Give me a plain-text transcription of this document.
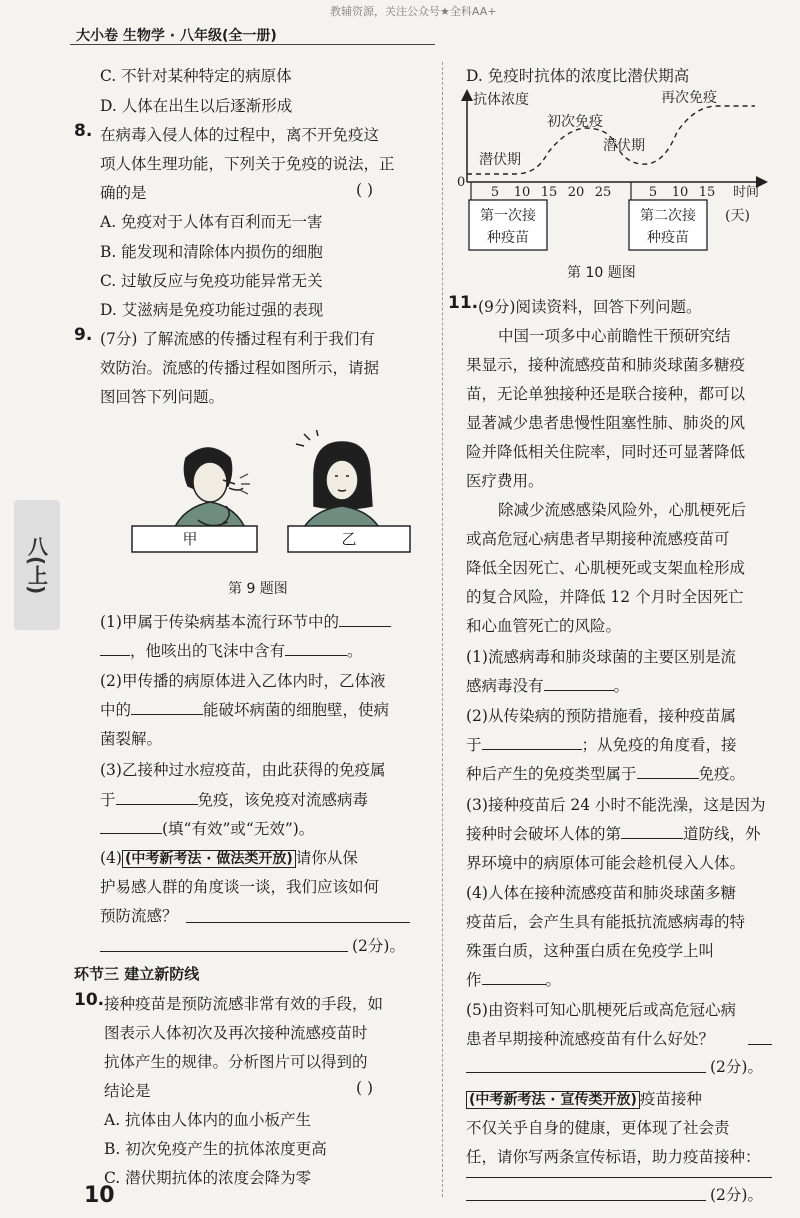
教辅资源，关注公众号★全科AA+
大小卷 生物学 · 八年级(全一册)
八(上)
C. 不针对某种特定的病原体
D. 人体在出生以后逐渐形成
8. 在病毒入侵人体的过程中，离不开免疫这
项人体生理功能，下列关于免疫的说法，正
确的是	( )
A. 免疫对于人体有百利而无一害
B. 能发现和清除体内损伤的细胞
C. 过敏反应与免疫功能异常无关
D. 艾滋病是免疫功能过强的表现
9. (7分) 了解流感的传播过程有利于我们有
效防治。流感的传播过程如图所示，请据
图回答下列问题。
甲	乙
第 9 题图
(1)甲属于传染病基本流行环节中的
，他咳出的飞沫中含有	。
(2)甲传播的病原体进入乙体内时，乙体液
中的	能破坏病菌的细胞壁，使病
菌裂解。
(3)乙接种过水痘疫苗，由此获得的免疫属
于	免疫，该免疫对流感病毒
(填“有效”或“无效”)。
(4) (中考新考法 · 做法类开放) 请你从保
护易感人群的角度谈一谈，我们应该如何
预防流感？
(2分)。
环节三 建立新防线
10. 接种疫苗是预防流感非常有效的手段，如
图表示人体初次及再次接种流感疫苗时
抗体产生的规律。分析图片可以得到的
结论是	( )
A. 抗体由人体内的血小板产生
B. 初次免疫产生的抗体浓度更高
C. 潜伏期抗体的浓度会降为零
10
D. 免疫时抗体的浓度比潜伏期高
抗体浓度
0
5 10 15 20 25	5 10 15 时间
潜伏期
初次免疫
潜伏期
再次免疫
第一次接
种疫苗
第二次接
种疫苗
(天)
第 10 题图
11. (9分)阅读资料，回答下列问题。
中国一项多中心前瞻性干预研究结
果显示，接种流感疫苗和肺炎球菌多糖疫
苗，无论单独接种还是联合接种，都可以
显著减少患者患慢性阻塞性肺、肺炎的风
险并降低相关住院率，同时还可显著降低
医疗费用。
除减少流感感染风险外，心肌梗死后
或高危冠心病患者早期接种流感疫苗可
降低全因死亡、心肌梗死或支架血栓形成
的复合风险，并降低 12 个月时全因死亡
和心血管死亡的风险。
(1)流感病毒和肺炎球菌的主要区别是流
感病毒没有	。
(2)从传染病的预防措施看，接种疫苗属
于	；从免疫的角度看，接
种后产生的免疫类型属于	免疫。
(3)接种疫苗后 24 小时不能洗澡，这是因为
接种时会破坏人体的第	道防线，外
界环境中的病原体可能会趁机侵入人体。
(4)人体在接种流感疫苗和肺炎球菌多糖
疫苗后，会产生具有能抵抗流感病毒的特
殊蛋白质，这种蛋白质在免疫学上叫
作	。
(5)由资料可知心肌梗死后或高危冠心病
患者早期接种流感疫苗有什么好处？
(2分)。
(中考新考法 · 宣传类开放) 疫苗接种
不仅关乎自身的健康，更体现了社会责
任，请你写两条宣传标语，助力疫苗接种：
(2分)。
